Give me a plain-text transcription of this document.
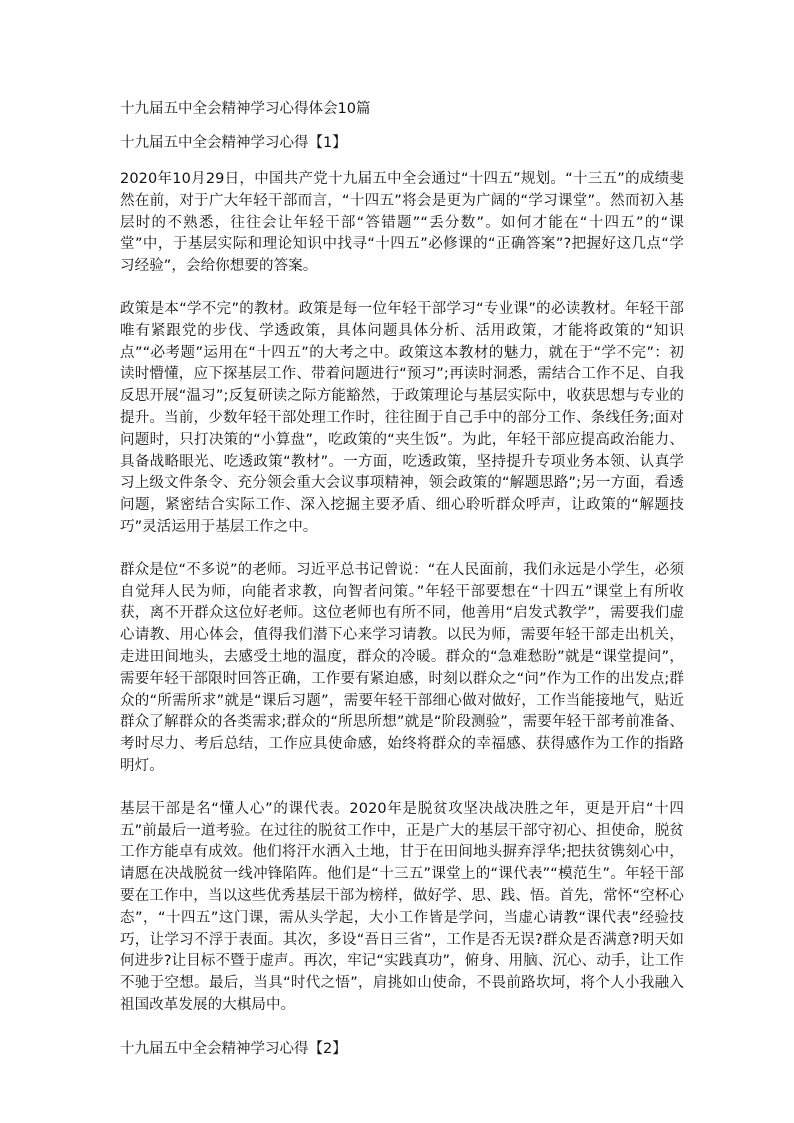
十九届五中全会精神学习心得体会10篇
十九届五中全会精神学习心得【1】

2020年10月29日，中国共产党十九届五中全会通过“十四五”规划。“十三五”的成绩斐然在前，对于广大年轻干部而言，“十四五”将会是更为广阔的“学习课堂”。然而初入基层时的不熟悉，往往会让年轻干部“答错题”“丢分数”。如何才能在“十四五”的“课堂”中，于基层实际和理论知识中找寻“十四五”必修课的“正确答案”?把握好这几点“学习经验”，会给你想要的答案。

政策是本“学不完”的教材。政策是每一位年轻干部学习“专业课”的必读教材。年轻干部唯有紧跟党的步伐、学透政策，具体问题具体分析、活用政策，才能将政策的“知识点”“必考题”运用在“十四五”的大考之中。政策这本教材的魅力，就在于“学不完”：初读时懵懂，应下探基层工作、带着问题进行“预习”;再读时洞悉，需结合工作不足、自我反思开展“温习”;反复研读之际方能豁然，于政策理论与基层实际中，收获思想与专业的提升。当前，少数年轻干部处理工作时，往往囿于自己手中的部分工作、条线任务;面对问题时，只打决策的“小算盘”，吃政策的“夹生饭”。为此，年轻干部应提高政治能力、具备战略眼光、吃透政策“教材”。一方面，吃透政策，坚持提升专项业务本领、认真学习上级文件条令、充分领会重大会议事项精神，领会政策的“解题思路”;另一方面，看透问题，紧密结合实际工作、深入挖掘主要矛盾、细心聆听群众呼声，让政策的“解题技巧”灵活运用于基层工作之中。

群众是位“不多说”的老师。习近平总书记曾说：“在人民面前，我们永远是小学生，必须自觉拜人民为师，向能者求教，向智者问策。”年轻干部要想在“十四五”课堂上有所收获，离不开群众这位好老师。这位老师也有所不同，他善用“启发式教学”，需要我们虚心请教、用心体会，值得我们潜下心来学习请教。以民为师，需要年轻干部走出机关，走进田间地头，去感受土地的温度，群众的冷暖。群众的“急难愁盼”就是“课堂提问”，需要年轻干部限时回答正确，工作要有紧迫感，时刻以群众之“问”作为工作的出发点;群众的“所需所求”就是“课后习题”，需要年轻干部细心做对做好，工作当能接地气，贴近群众了解群众的各类需求;群众的“所思所想”就是“阶段测验”，需要年轻干部考前准备、考时尽力、考后总结，工作应具使命感，始终将群众的幸福感、获得感作为工作的指路明灯。

基层干部是名“懂人心”的课代表。2020年是脱贫攻坚决战决胜之年，更是开启“十四五”前最后一道考验。在过往的脱贫工作中，正是广大的基层干部守初心、担使命，脱贫工作方能卓有成效。他们将汗水洒入土地，甘于在田间地头摒弃浮华;把扶贫镌刻心中，请愿在决战脱贫一线冲锋陷阵。他们是“十三五”课堂上的“课代表”“模范生”。年轻干部要在工作中，当以这些优秀基层干部为榜样，做好学、思、践、悟。首先，常怀“空杯心态”，“十四五”这门课，需从头学起，大小工作皆是学问，当虚心请教“课代表”经验技巧，让学习不浮于表面。其次，多设“吾日三省”，工作是否无误?群众是否满意?明天如何进步?让目标不暨于虚声。再次，牢记“实践真功”，俯身、用脑、沉心、动手，让工作不驰于空想。最后，当具“时代之悟”，肩挑如山使命，不畏前路坎坷，将个人小我融入祖国改革发展的大棋局中。

十九届五中全会精神学习心得【2】
